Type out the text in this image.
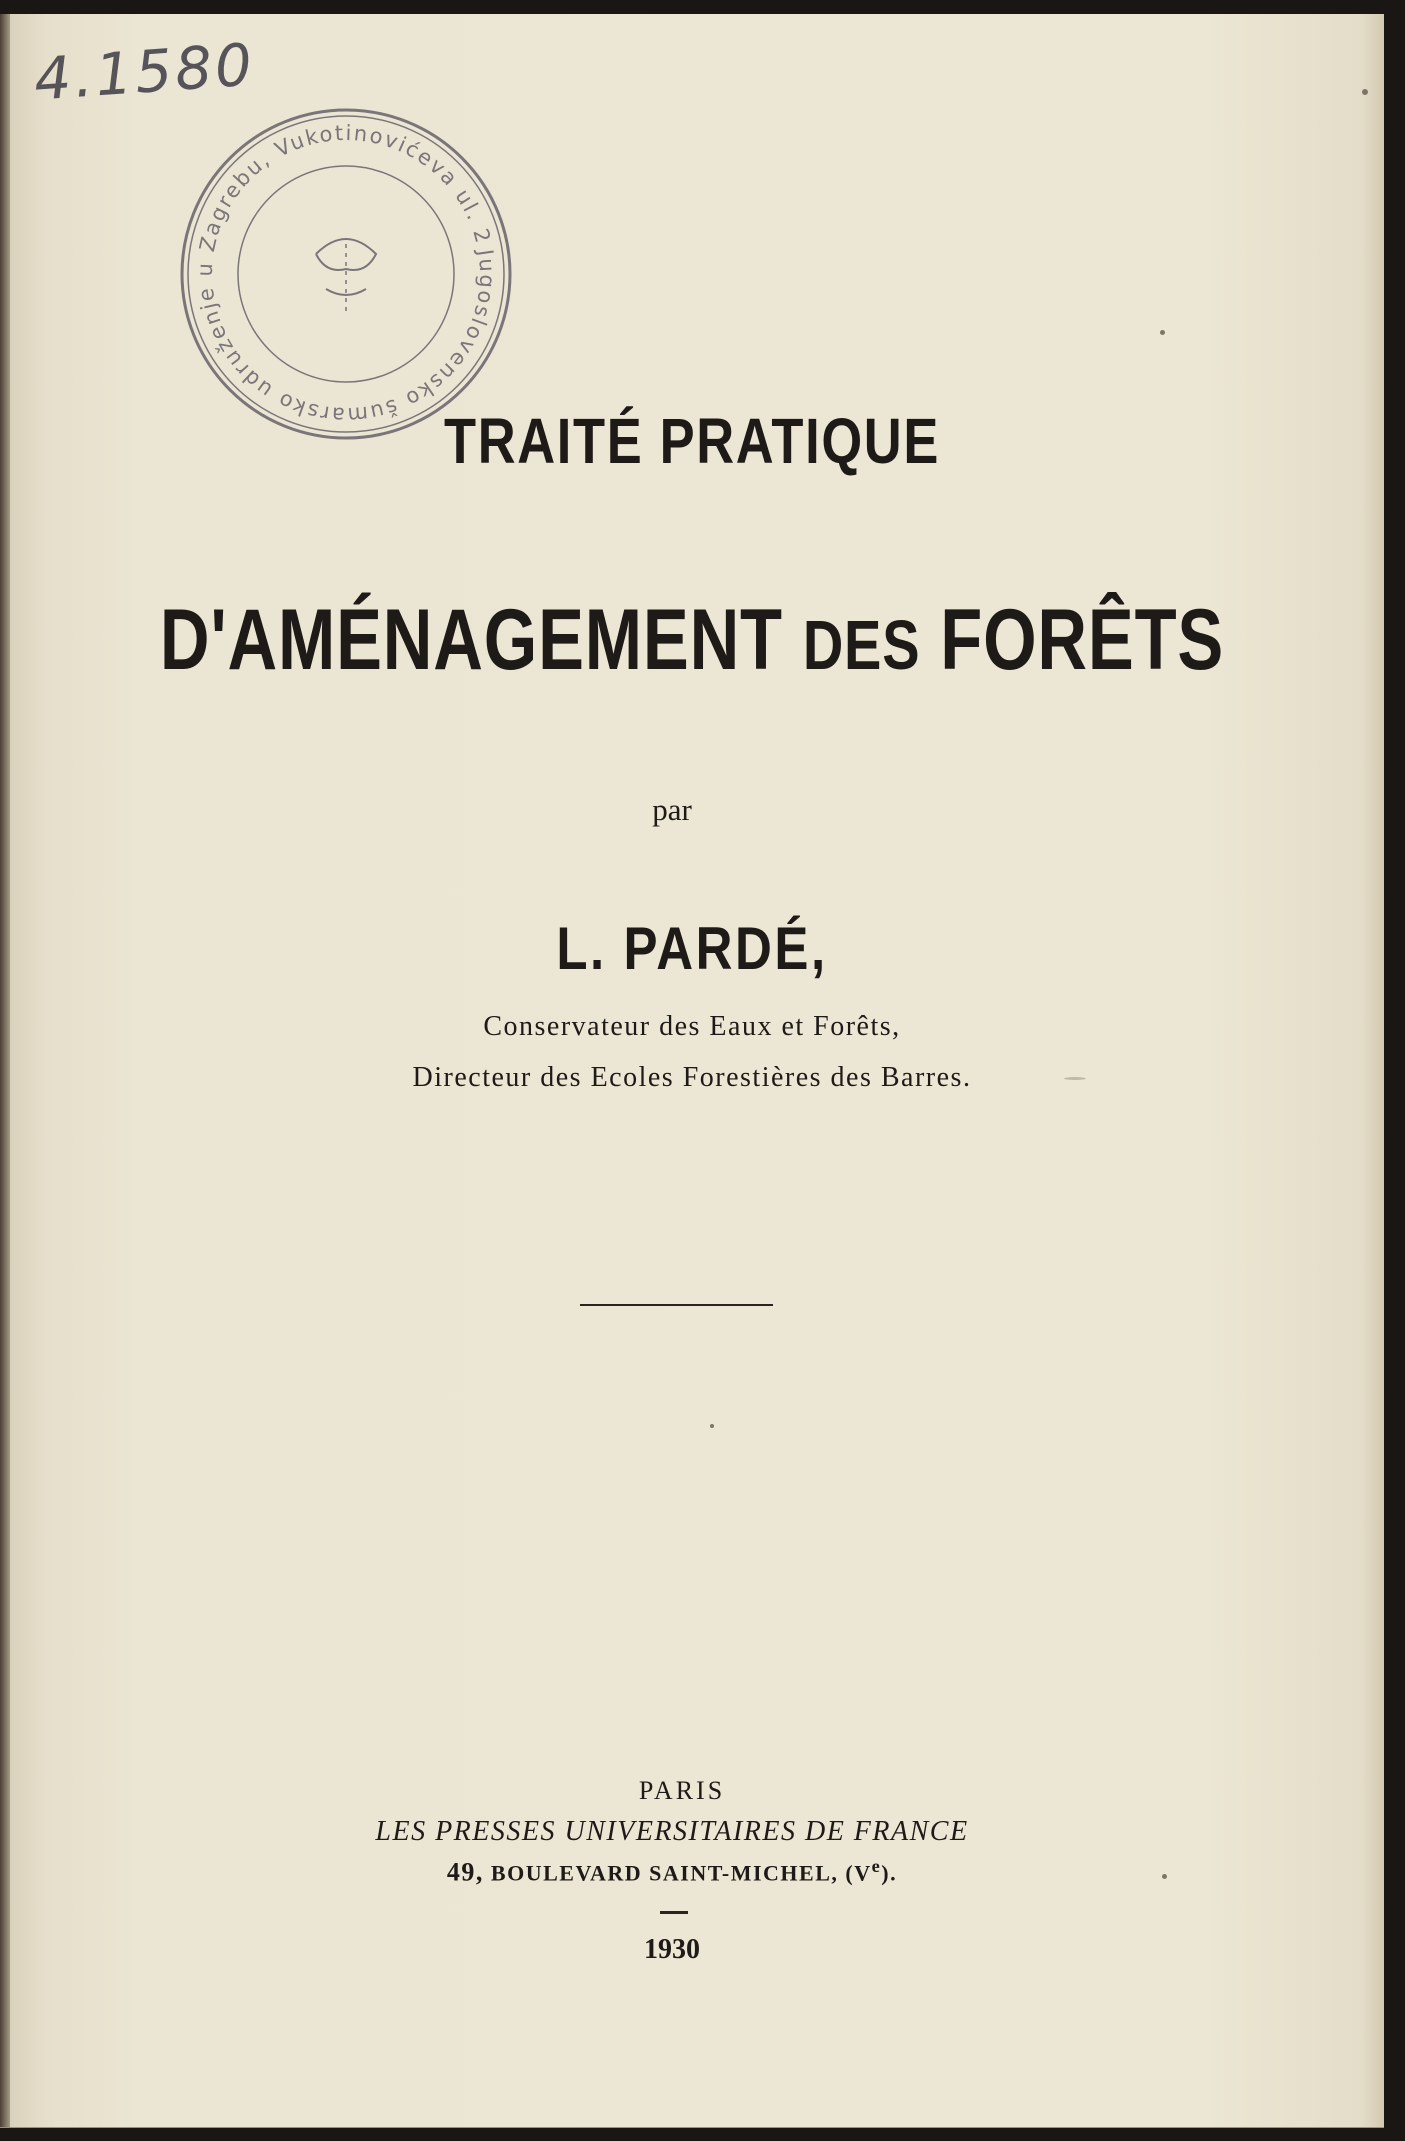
4.1580
Jugoslovensko šumarsko udruženje u Zagrebu, Vukotinovićeva ul. 2
TRAITÉ PRATIQUE
D'AMÉNAGEMENT DES FORÊTS
par
L. PARDÉ,
Conservateur des Eaux et Forêts,
Directeur des Ecoles Forestières des Barres.
PARIS
LES PRESSES UNIVERSITAIRES DE FRANCE
49, BOULEVARD SAINT-MICHEL, (Ve).
1930
